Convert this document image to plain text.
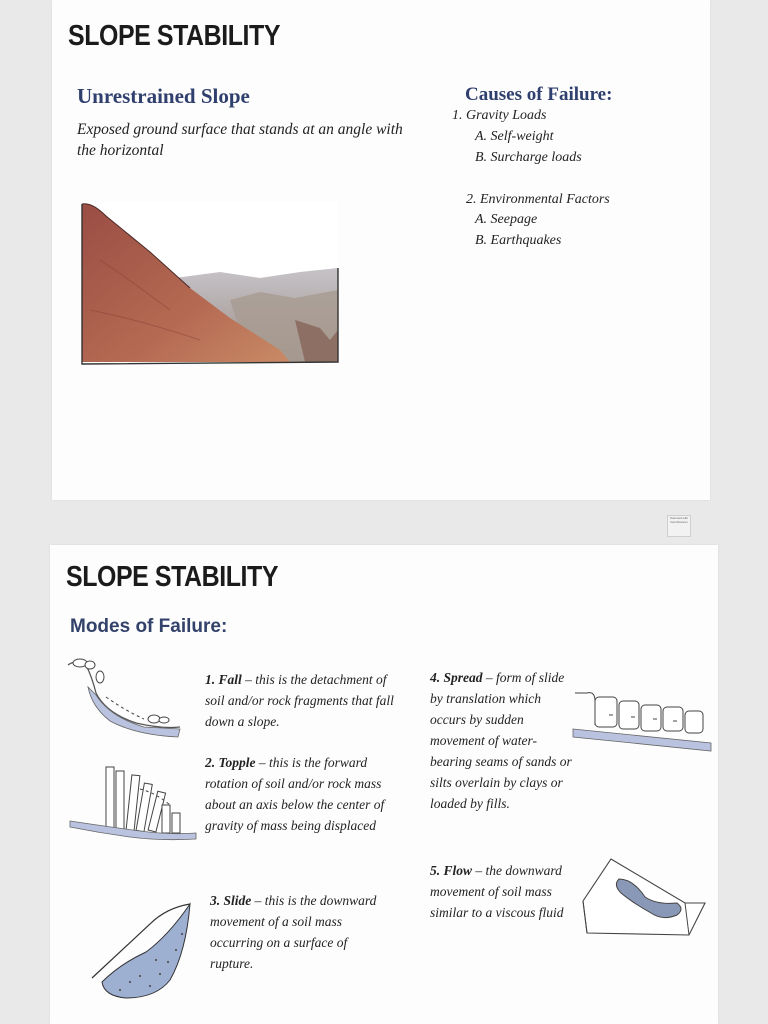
SLOPE STABILITY
Unrestrained Slope

Exposed ground surface that stands at an angle with the horizontal

Causes of Failure:

1. Gravity Loads

A. Self-weight

B. Surcharge loads

2. Environmental Factors

A. Seepage

B. Earthquakes

Scanned with CamScanner
SLOPE STABILITY
Modes of Failure:

1. Fall – this is the detachment of soil and/or rock fragments that fall down a slope.

2. Topple – this is the forward rotation of soil and/or rock mass about an axis below the center of gravity of mass being displaced

3. Slide – this is the downward movement of a soil mass occurring on a surface of rupture.

4. Spread – form of slide by translation which occurs by sudden movement of water-bearing seams of sands or silts overlain by clays or loaded by fills.

5. Flow – the downward movement of soil mass similar to a viscous fluid
